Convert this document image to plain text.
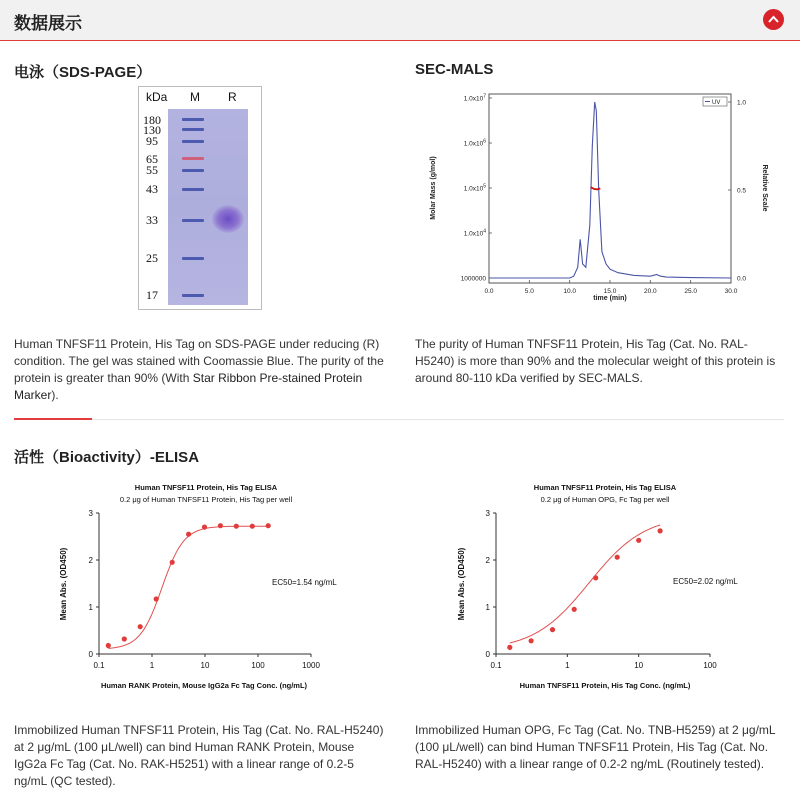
数据展示
电泳（SDS-PAGE）
kDa M R
180
130
95
65
55
43
33
25
17
Human TNFSF11 Protein, His Tag on SDS-PAGE under reducing (R) condition. The gel was stained with Coomassie Blue. The purity of the protein is greater than 90% (With Star Ribbon Pre-stained Protein Marker).
SEC-MALS
1000000
$1.0x10^4$
$1.0x10^5$
$1.0x10^6$
$1.0x10^7$
0.0
0.5
1.0
0.0	5.0	10.0	15.0	20.0	25.0	30.0
UV
time (min)
Molar Mass (g/mol)	Relative Scale
The purity of Human TNFSF11 Protein, His Tag (Cat. No. RAL-H5240) is more than 90% and the molecular weight of this protein is around 80-110 kDa verified by SEC-MALS.
活性（Bioactivity）-ELISA
Human TNFSF11 Protein, His Tag ELISA
0.2 μg of Human TNFSF11 Protein, His Tag per well
0
1
2
3
0.1	1	10	100	1000
EC50=1.54 ng/mL
Mean Abs. (OD450)
Human RANK Protein, Mouse IgG2a Fc Tag Conc. (ng/mL)
Human TNFSF11 Protein, His Tag ELISA
0.2 μg of Human OPG, Fc Tag per well
0
1
2
3
0.1	1	10	100
EC50=2.02 ng/mL
Mean Abs. (OD450)
Human TNFSF11 Protein, His Tag Conc. (ng/mL)
Immobilized Human TNFSF11 Protein, His Tag (Cat. No. RAL-H5240) at 2 μg/mL (100 μL/well) can bind Human RANK Protein, Mouse IgG2a Fc Tag (Cat. No. RAK-H5251) with a linear range of 0.2-5 ng/mL (QC tested).
Immobilized Human OPG, Fc Tag (Cat. No. TNB-H5259) at 2 μg/mL (100 μL/well) can bind Human TNFSF11 Protein, His Tag (Cat. No. RAL-H5240) with a linear range of 0.2-2 ng/mL (Routinely tested).
